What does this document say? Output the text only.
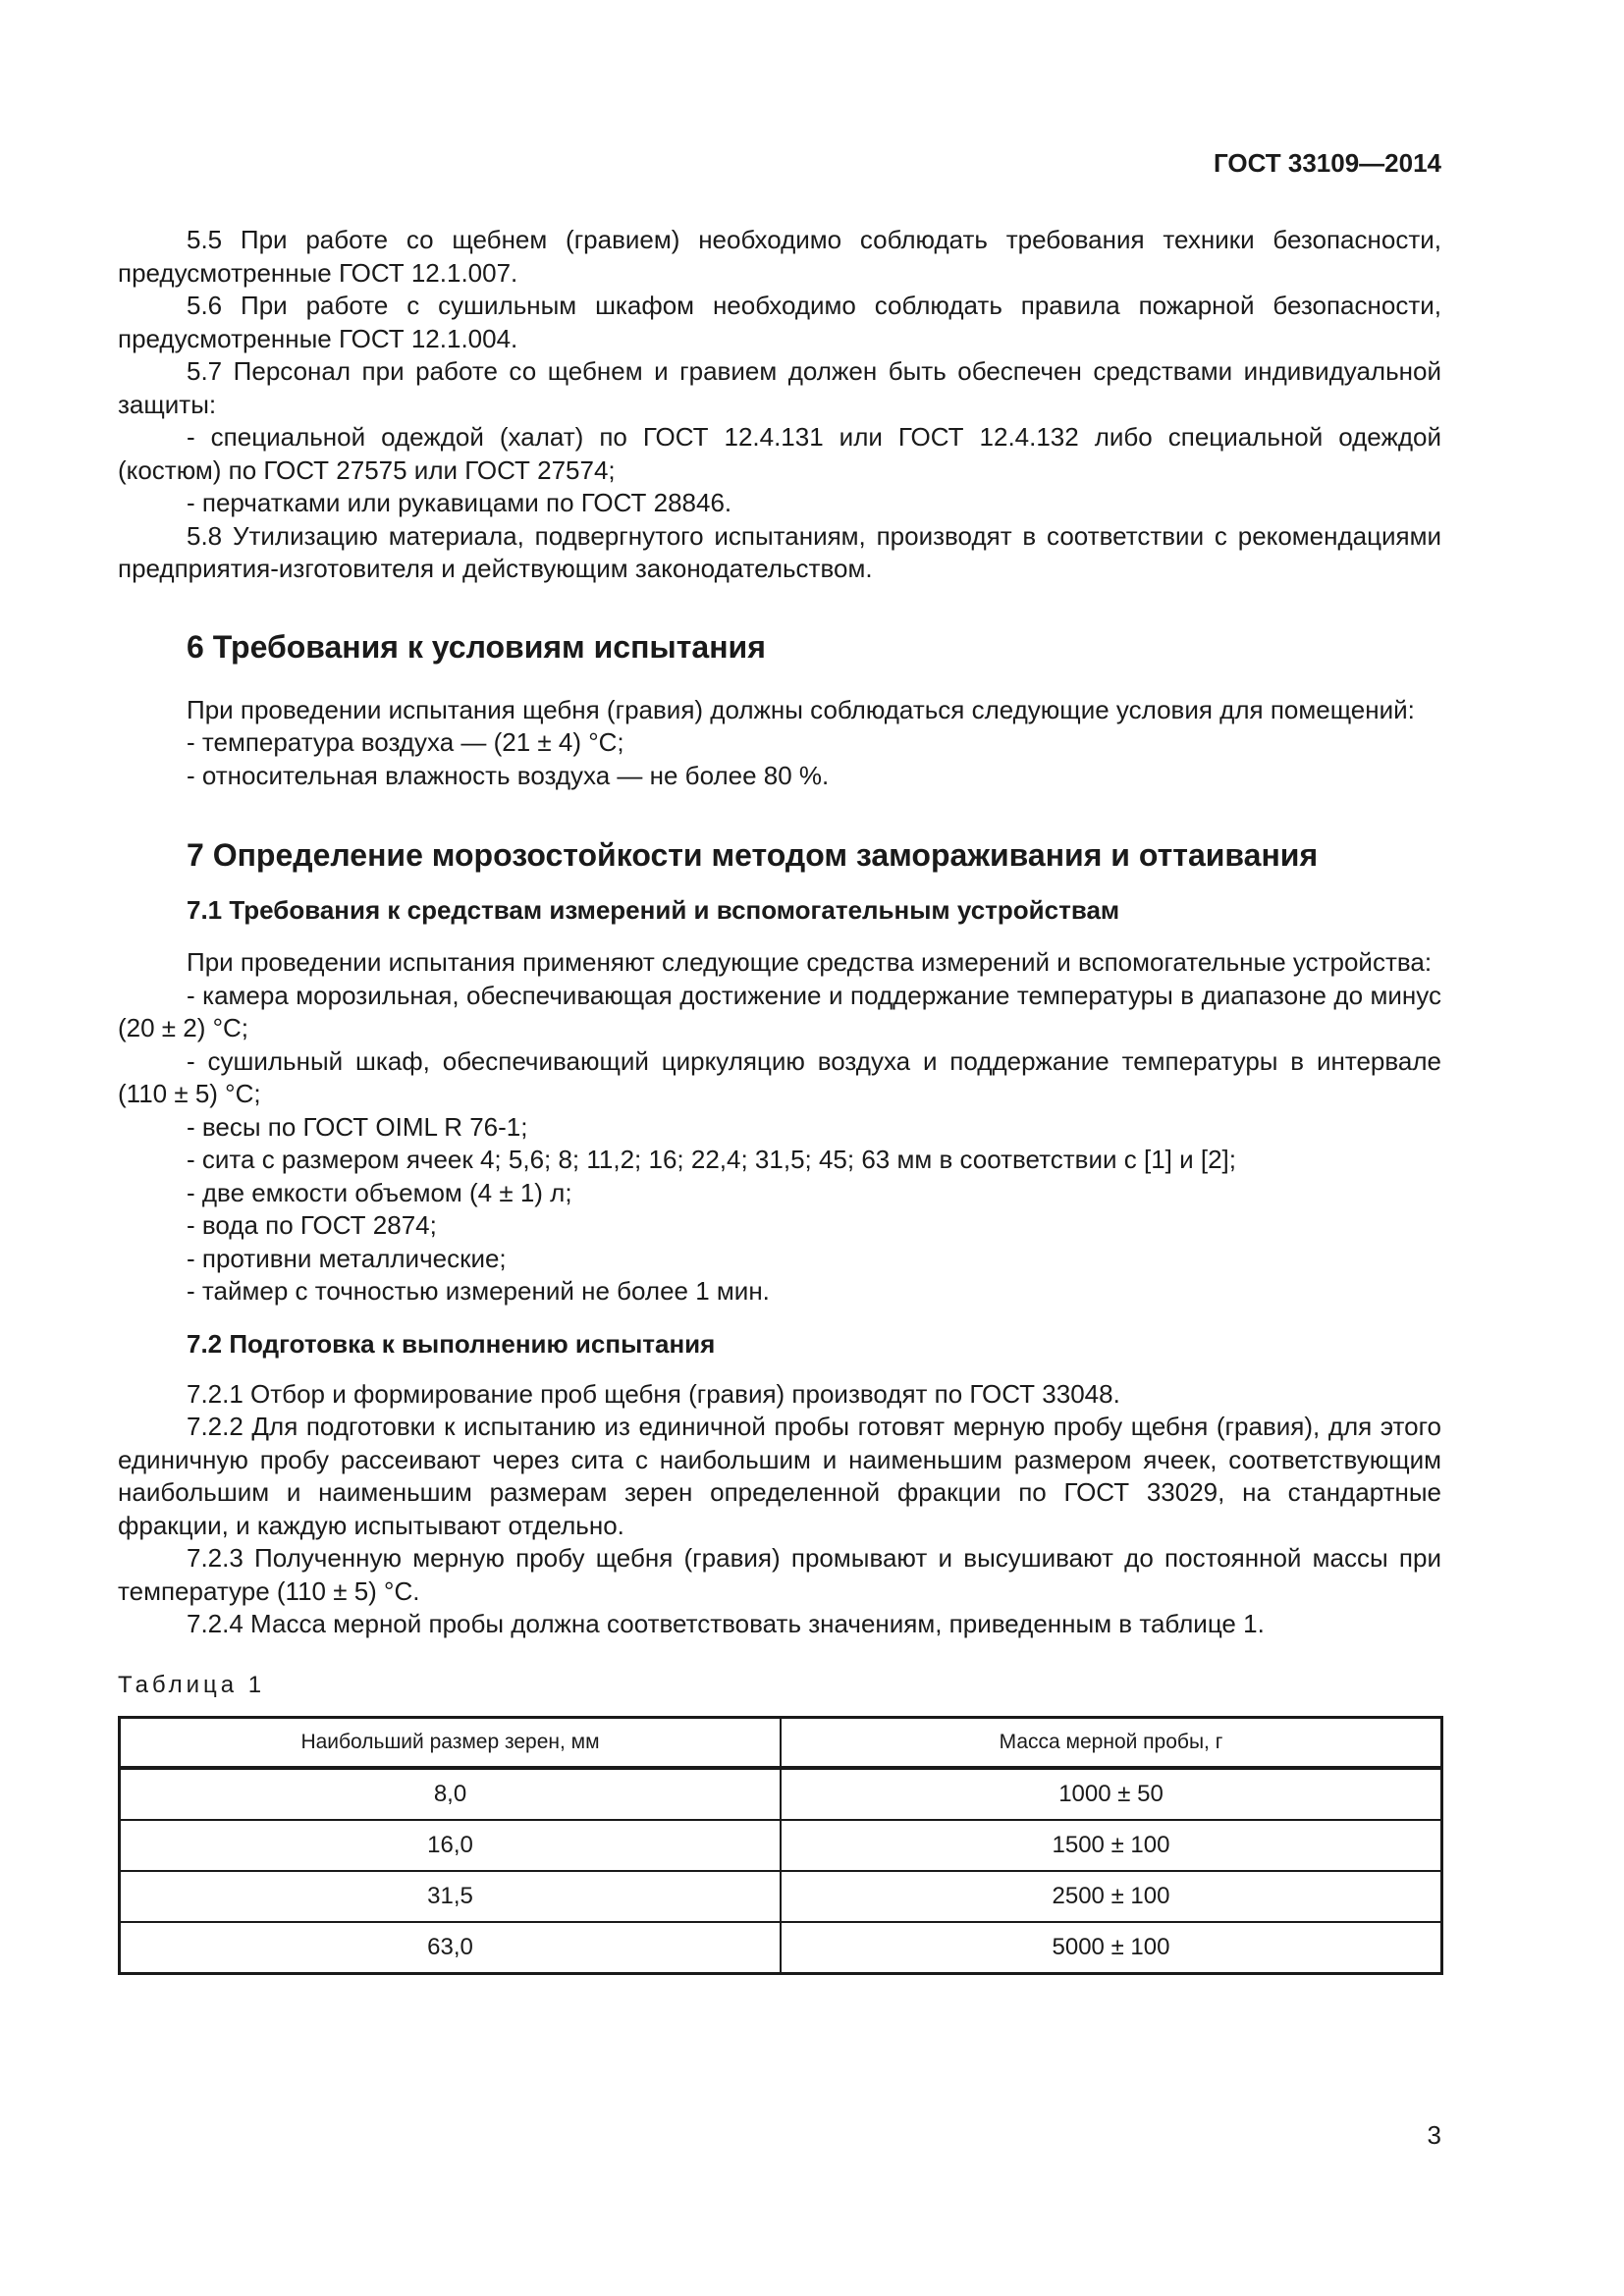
ГОСТ 33109—2014

5.5 При работе со щебнем (гравием) необходимо соблюдать требования техники безопасности, предусмотренные ГОСТ 12.1.007.

5.6 При работе с сушильным шкафом необходимо соблюдать правила пожарной безопасности, предусмотренные ГОСТ 12.1.004.

5.7 Персонал при работе со щебнем и гравием должен быть обеспечен средствами индивидуальной защиты:

- специальной одеждой (халат) по ГОСТ 12.4.131 или ГОСТ 12.4.132 либо специальной одеждой (костюм) по ГОСТ 27575 или ГОСТ 27574;

- перчатками или рукавицами по ГОСТ 28846.

5.8 Утилизацию материала, подвергнутого испытаниям, производят в соответствии с рекомендациями предприятия-изготовителя и действующим законодательством.

6 Требования к условиям испытания

При проведении испытания щебня (гравия) должны соблюдаться следующие условия для помещений:

- температура воздуха — (21 ± 4) °С;

- относительная влажность воздуха — не более 80 %.

7 Определение морозостойкости методом замораживания и оттаивания
7.1 Требования к средствам измерений и вспомогательным устройствам

При проведении испытания применяют следующие средства измерений и вспомогательные устройства:

- камера морозильная, обеспечивающая достижение и поддержание температуры в диапазоне до минус (20 ± 2) °С;

- сушильный шкаф, обеспечивающий циркуляцию воздуха и поддержание температуры в интервале (110 ± 5) °С;

- весы по ГОСТ OIML R 76-1;

- сита с размером ячеек 4; 5,6; 8; 11,2; 16; 22,4; 31,5; 45; 63 мм в соответствии с [1] и [2];

- две емкости объемом (4 ± 1) л;

- вода по ГОСТ 2874;

- противни металлические;

- таймер с точностью измерений не более 1 мин.

7.2 Подготовка к выполнению испытания

7.2.1 Отбор и формирование проб щебня (гравия) производят по ГОСТ 33048.

7.2.2 Для подготовки к испытанию из единичной пробы готовят мерную пробу щебня (гравия), для этого единичную пробу рассеивают через сита с наибольшим и наименьшим размером ячеек, соответствующим наибольшим и наименьшим размерам зерен определенной фракции по ГОСТ 33029, на стандартные фракции, и каждую испытывают отдельно.

7.2.3 Полученную мерную пробу щебня (гравия) промывают и высушивают до постоянной массы при температуре (110 ± 5) °С.

7.2.4 Масса мерной пробы должна соответствовать значениям, приведенным в таблице 1.

Таблица 1
Наибольший размер зерен, мм	Масса мерной пробы, г
8,0	1000 ± 50
16,0	1500 ± 100
31,5	2500 ± 100
63,0	5000 ± 100
3
